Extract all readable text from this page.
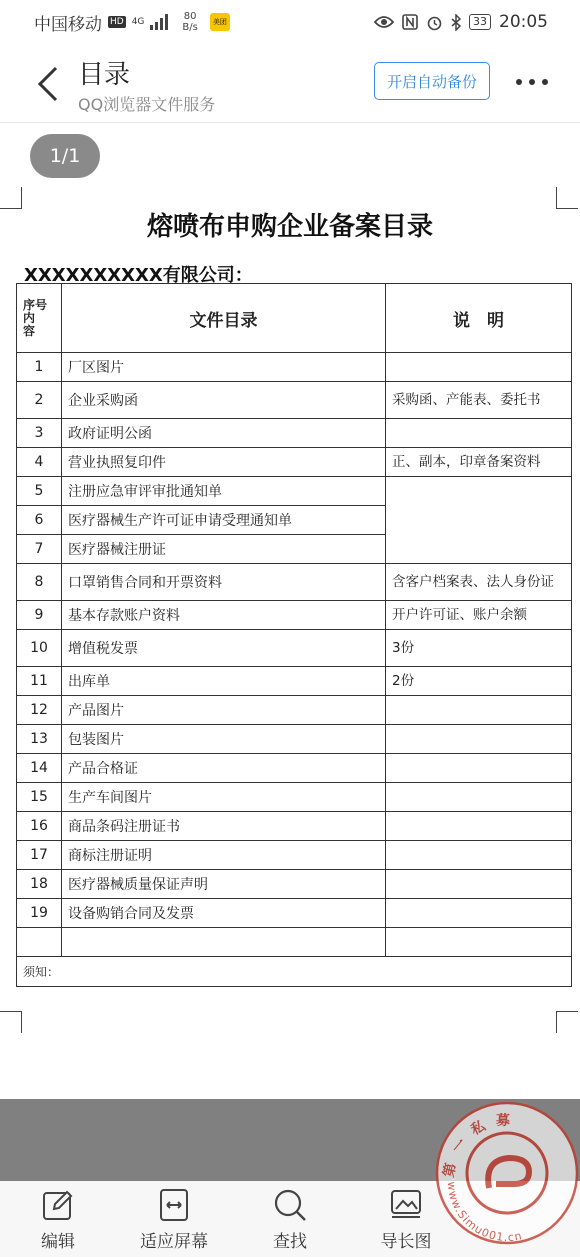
中国移动 HD 4G	80
B/s	美团	33 20:05
目录
QQ浏览器文件服务
开启自动备份
1/1
熔喷布申购企业备案目录
XXXXXXXXXX有限公司：
序号
内
容	文件目录	说　明
1	厂区图片	
2	企业采购函	采购函、产能表、委托书
3	政府证明公函	
4	营业执照复印件	正、副本，印章备案资料
5	注册应急审评审批通知单	
6	医疗器械生产许可证申请受理通知单	
7	医疗器械注册证	
8	口罩销售合同和开票资料	含客户档案表、法人身份证
9	基本存款账户资料	开户许可证、账户余额
10	增值税发票	3份
11	出库单	2份
12	产品图片	
13	包装图片	
14	产品合格证	
15	生产车间图片	
16	商品条码注册证书	
17	商标注册证明	
18	医疗器械质量保证声明	
19	设备购销合同及发票	

须知：		
编辑	适应屏幕	查找	导长图
第一私募
www.Simu001.cn
